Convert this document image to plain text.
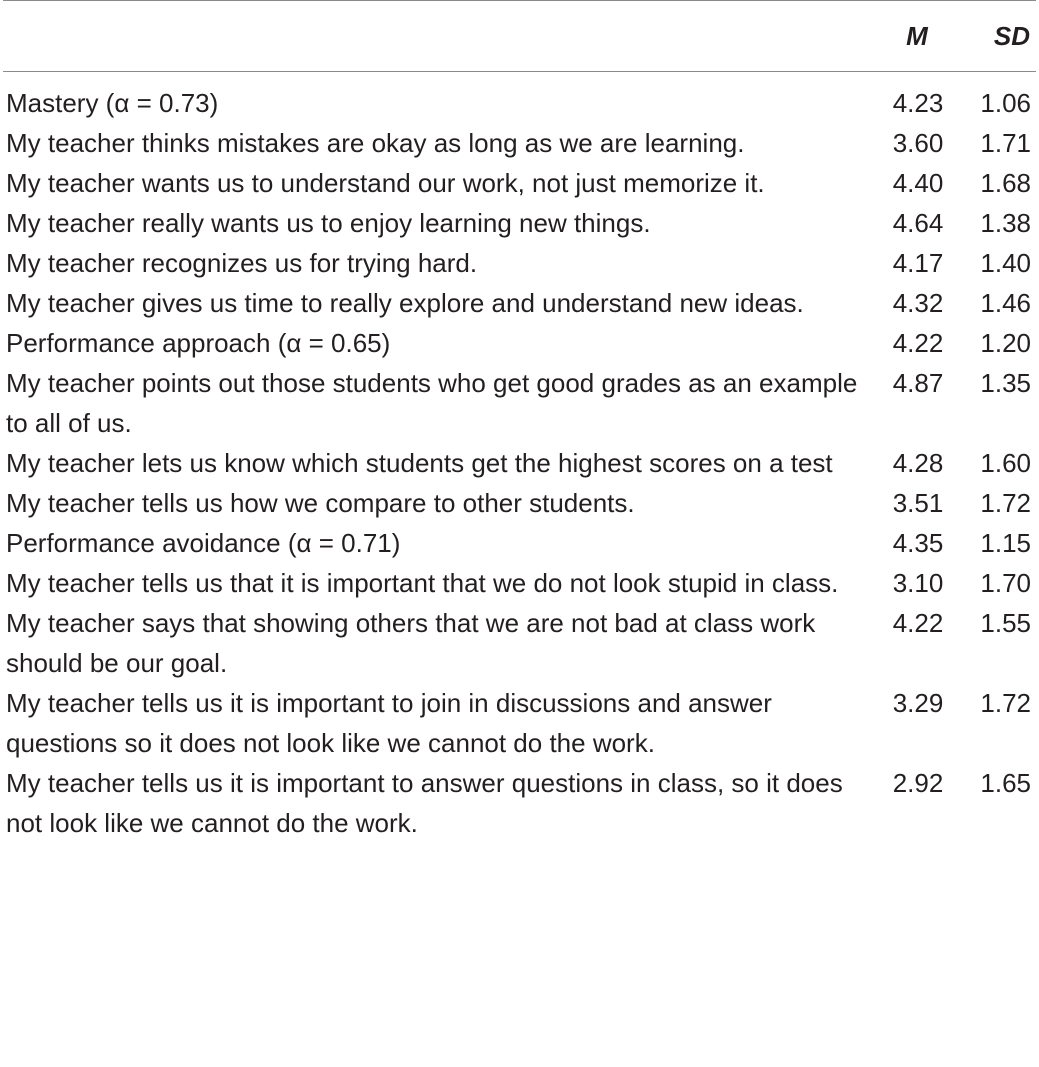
	M	SD
Mastery (α = 0.73)	4.23	1.06
My teacher thinks mistakes are okay as long as we are learning.	3.60	1.71
My teacher wants us to understand our work, not just memorize it.	4.40	1.68
My teacher really wants us to enjoy learning new things.	4.64	1.38
My teacher recognizes us for trying hard.	4.17	1.40
My teacher gives us time to really explore and understand new ideas.	4.32	1.46
Performance approach (α = 0.65)	4.22	1.20
My teacher points out those students who get good grades as an example to all of us.	4.87	1.35
My teacher lets us know which students get the highest scores on a test	4.28	1.60
My teacher tells us how we compare to other students.	3.51	1.72
Performance avoidance (α = 0.71)	4.35	1.15
My teacher tells us that it is important that we do not look stupid in class.	3.10	1.70
My teacher says that showing others that we are not bad at class work should be our goal.	4.22	1.55
My teacher tells us it is important to join in discussions and answer questions so it does not look like we cannot do the work.	3.29	1.72
My teacher tells us it is important to answer questions in class, so it does not look like we cannot do the work.	2.92	1.65
